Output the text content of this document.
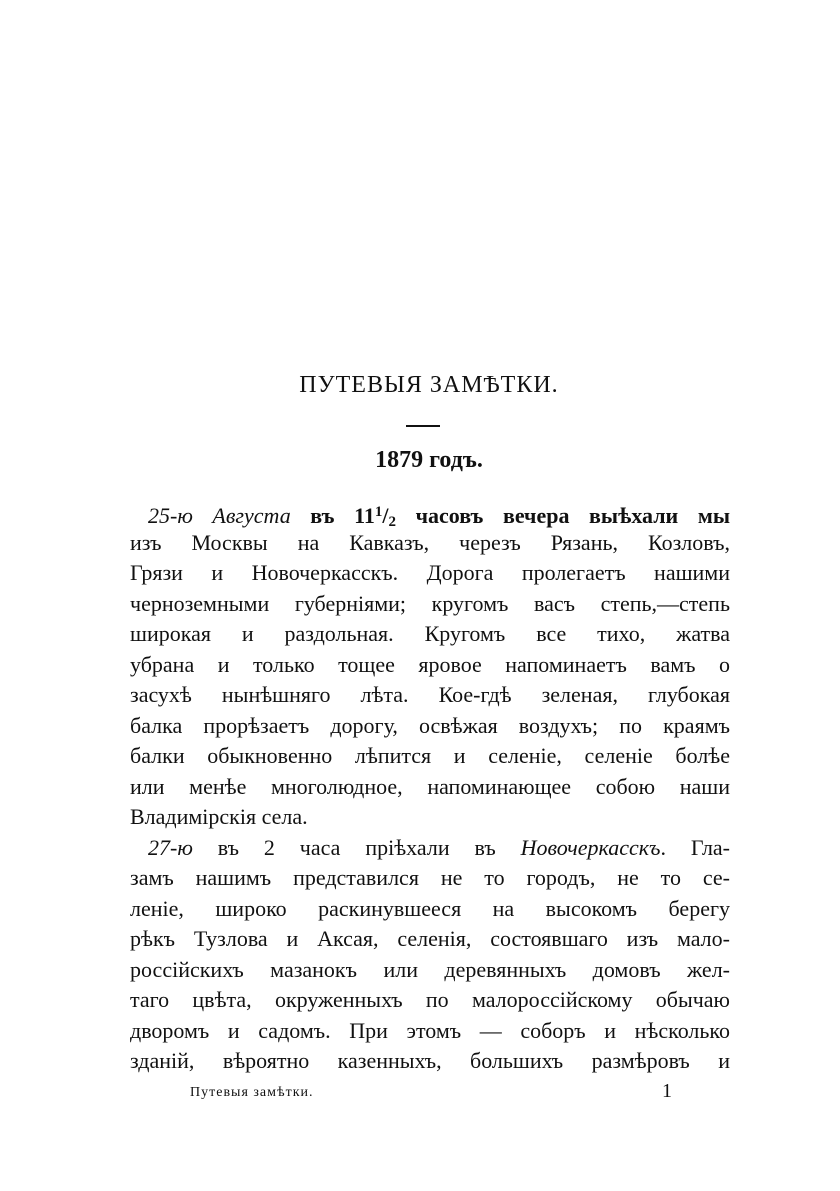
ПУТЕВЫЯ ЗАМѢТКИ.
1879 годъ.
25-ю Августа въ $11^1/2$ часовъ вечера выѣхали мы
изъ Москвы на Кавказъ, черезъ Рязань, Козловъ,
Грязи и Новочеркасскъ. Дорога пролегаетъ нашими
черноземными губерніями; кругомъ васъ степь,—степь
широкая и раздольная. Кругомъ все тихо, жатва
убрана и только тощее яровое напоминаетъ вамъ о
засухѣ нынѣшняго лѣта. Кое-гдѣ зеленая, глубокая
балка прорѣзаетъ дорогу, освѣжая воздухъ; по краямъ
балки обыкновенно лѣпится и селеніе, селеніе болѣе
или менѣе многолюдное, напоминающее собою наши
Владимірскія села.
27-ю въ 2 часа пріѣхали въ Новочеркасскъ. Гла-
замъ нашимъ представился не то городъ, не то се-
леніе, широко раскинувшееся на высокомъ берегу
рѣкъ Тузлова и Аксая, селенія, состоявшаго изъ мало-
россійскихъ мазанокъ или деревянныхъ домовъ жел-
таго цвѣта, окруженныхъ по малороссійскому обычаю
дворомъ и садомъ. При этомъ — соборъ и нѣсколько
зданій, вѣроятно казенныхъ, большихъ размѣровъ и
Путевыя замѣтки.	1
